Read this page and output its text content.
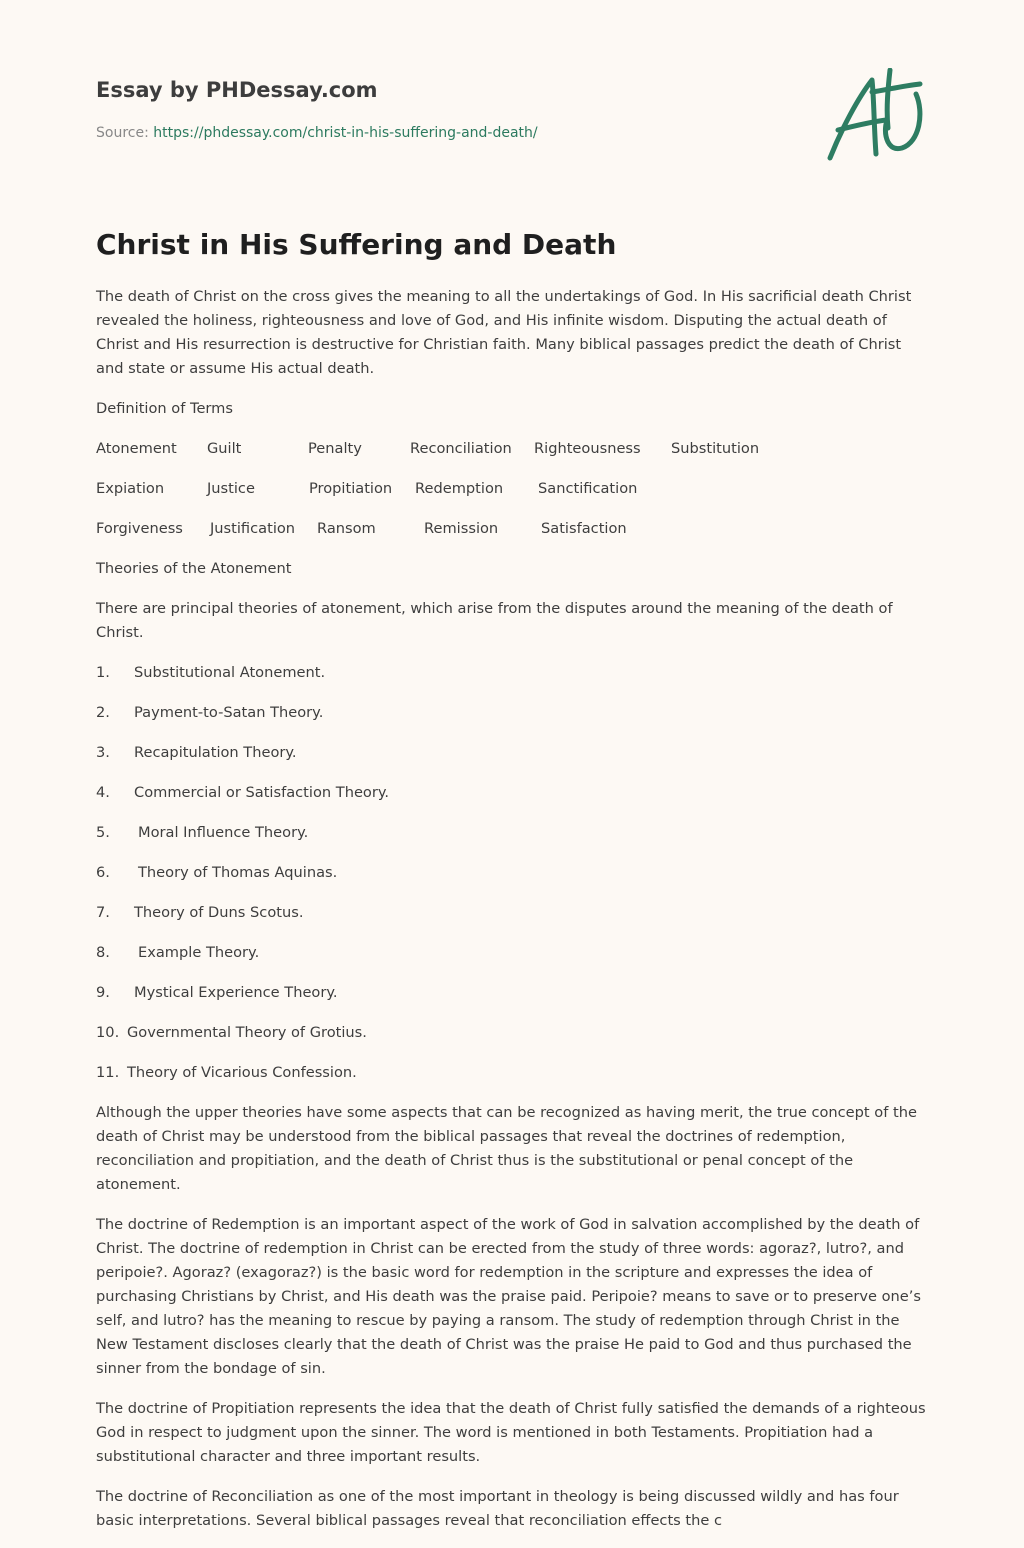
Essay by PHDessay.com
Source: https://phdessay.com/christ-in-his-suffering-and-death/
Christ in His Suffering and Death

The death of Christ on the cross gives the meaning to all the undertakings of God. In His sacrificial death Christ revealed the holiness, righteousness and love of God, and His infinite wisdom. Disputing the actual death of Christ and His resurrection is destructive for Christian faith. Many biblical passages predict the death of Christ and state or assume His actual death.

Definition of Terms

Atonement	Guilt	Penalty	Reconciliation	Righteousness	Substitution
Expiation	Justice	Propitiation	Redemption	Sanctification
Forgiveness	Justification	Ransom	Remission	Satisfaction

Theories of the Atonement

There are principal theories of atonement, which arise from the disputes around the meaning of the death of Christ.

1.	Substitutional Atonement.
2.	Payment-to-Satan Theory.
3.	Recapitulation Theory.
4.	Commercial or Satisfaction Theory.
5.	Moral Influence Theory.
6.	Theory of Thomas Aquinas.
7.	Theory of Duns Scotus.
8.	Example Theory.
9.	Mystical Experience Theory.
10. Governmental Theory of Grotius.
11. Theory of Vicarious Confession.

Although the upper theories have some aspects that can be recognized as having merit, the true concept of the death of Christ may be understood from the biblical passages that reveal the doctrines of redemption, reconciliation and propitiation, and the death of Christ thus is the substitutional or penal concept of the atonement.

The doctrine of Redemption is an important aspect of the work of God in salvation accomplished by the death of Christ. The doctrine of redemption in Christ can be erected from the study of three words: agoraz?, lutro?, and peripoie?. Agoraz? (exagoraz?) is the basic word for redemption in the scripture and expresses the idea of purchasing Christians by Christ, and His death was the praise paid. Peripoie? means to save or to preserve one’s self, and lutro? has the meaning to rescue by paying a ransom. The study of redemption through Christ in the New Testament discloses clearly that the death of Christ was the praise He paid to God and thus purchased the sinner from the bondage of sin.

The doctrine of Propitiation represents the idea that the death of Christ fully satisfied the demands of a righteous God in respect to judgment upon the sinner. The word is mentioned in both Testaments. Propitiation had a substitutional character and three important results.

The doctrine of Reconciliation as one of the most important in theology is being discussed wildly and has four basic interpretations. Several biblical passages reveal that reconciliation effects the c
